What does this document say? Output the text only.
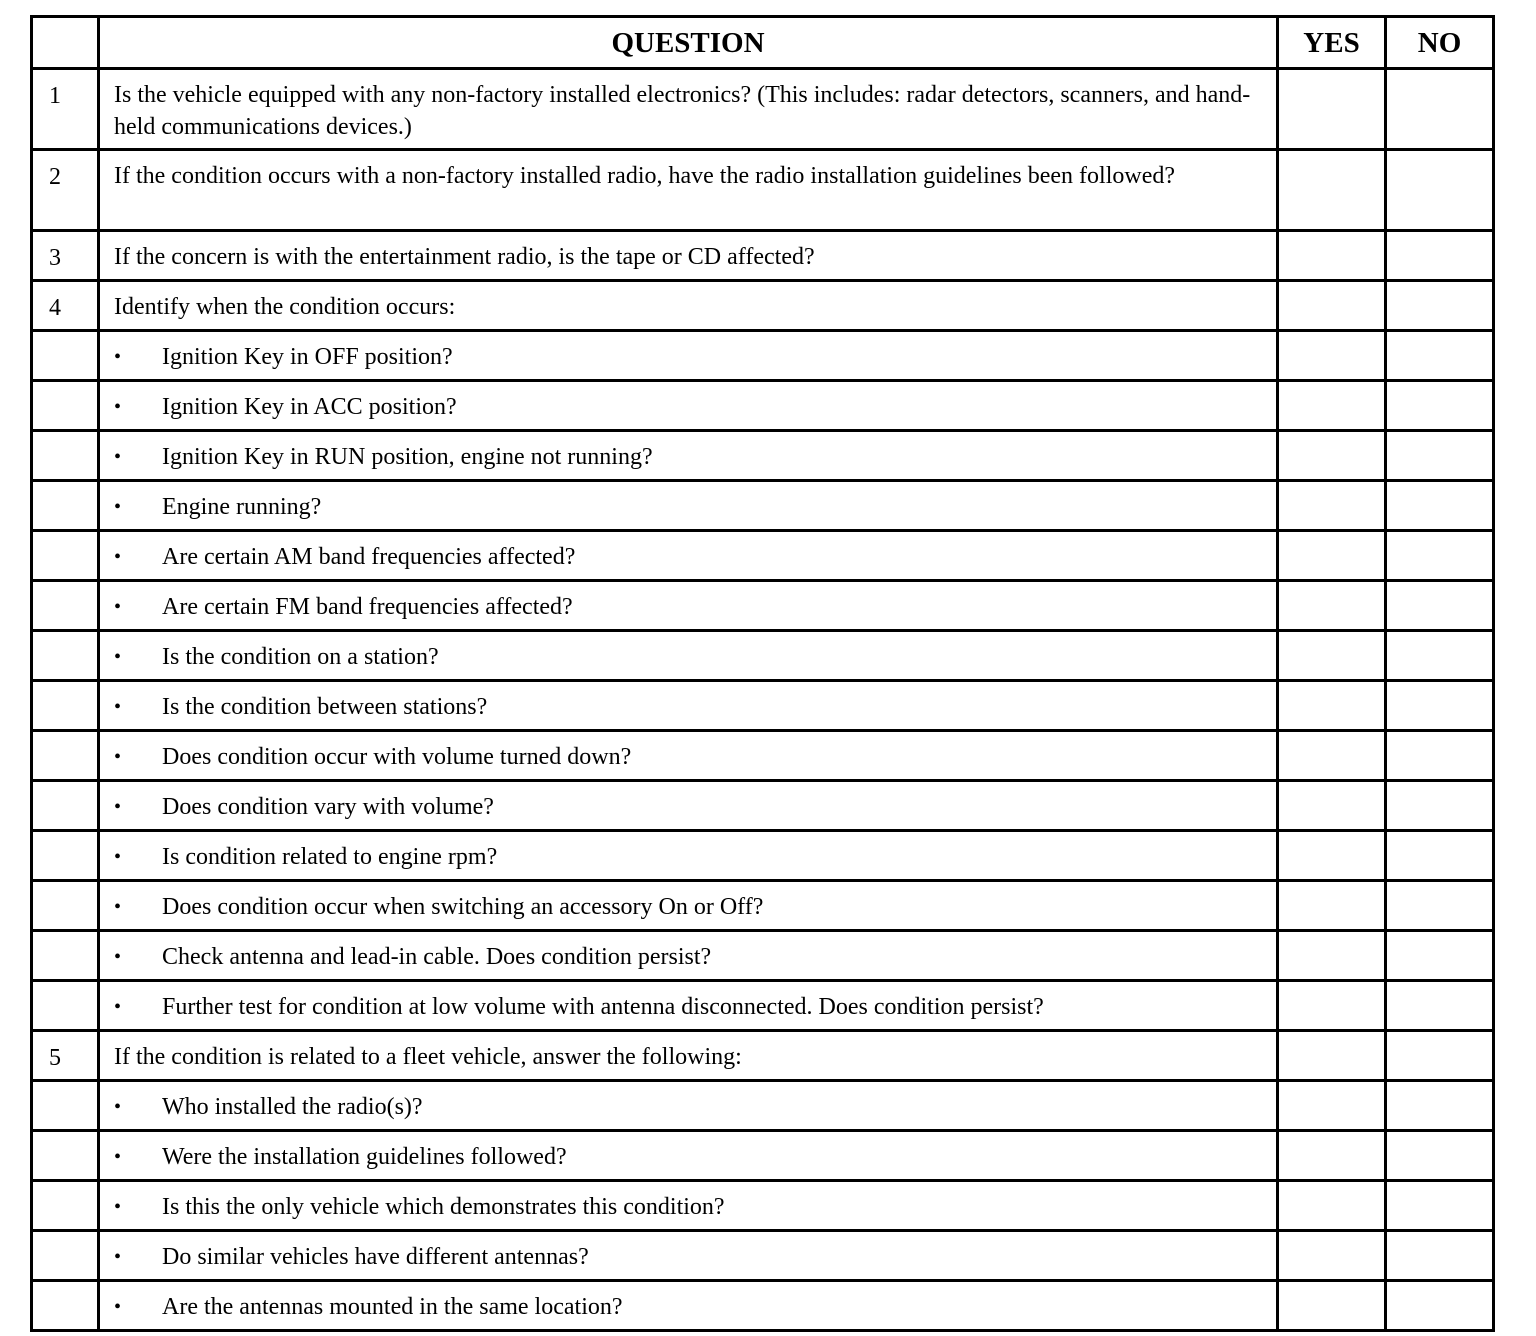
	QUESTION	YES	NO
1	Is the vehicle equipped with any non-factory installed electronics? (This includes: radar detectors, scanners, and hand-held communications devices.)		
2	If the condition occurs with a non-factory installed radio, have the radio installation guidelines been followed?		
3	If the concern is with the entertainment radio, is the tape or CD affected?		
4	Identify when the condition occurs:		
	• Ignition Key in OFF position?		
	• Ignition Key in ACC position?		
	• Ignition Key in RUN position, engine not running?		
	• Engine running?		
	• Are certain AM band frequencies affected?		
	• Are certain FM band frequencies affected?		
	• Is the condition on a station?		
	• Is the condition between stations?		
	• Does condition occur with volume turned down?		
	• Does condition vary with volume?		
	• Is condition related to engine rpm?		
	• Does condition occur when switching an accessory On or Off?		
	• Check antenna and lead-in cable. Does condition persist?		
	• Further test for condition at low volume with antenna disconnected. Does condition persist?		
5	If the condition is related to a fleet vehicle, answer the following:		
	• Who installed the radio(s)?		
	• Were the installation guidelines followed?		
	• Is this the only vehicle which demonstrates this condition?		
	• Do similar vehicles have different antennas?		
	• Are the antennas mounted in the same location?		
